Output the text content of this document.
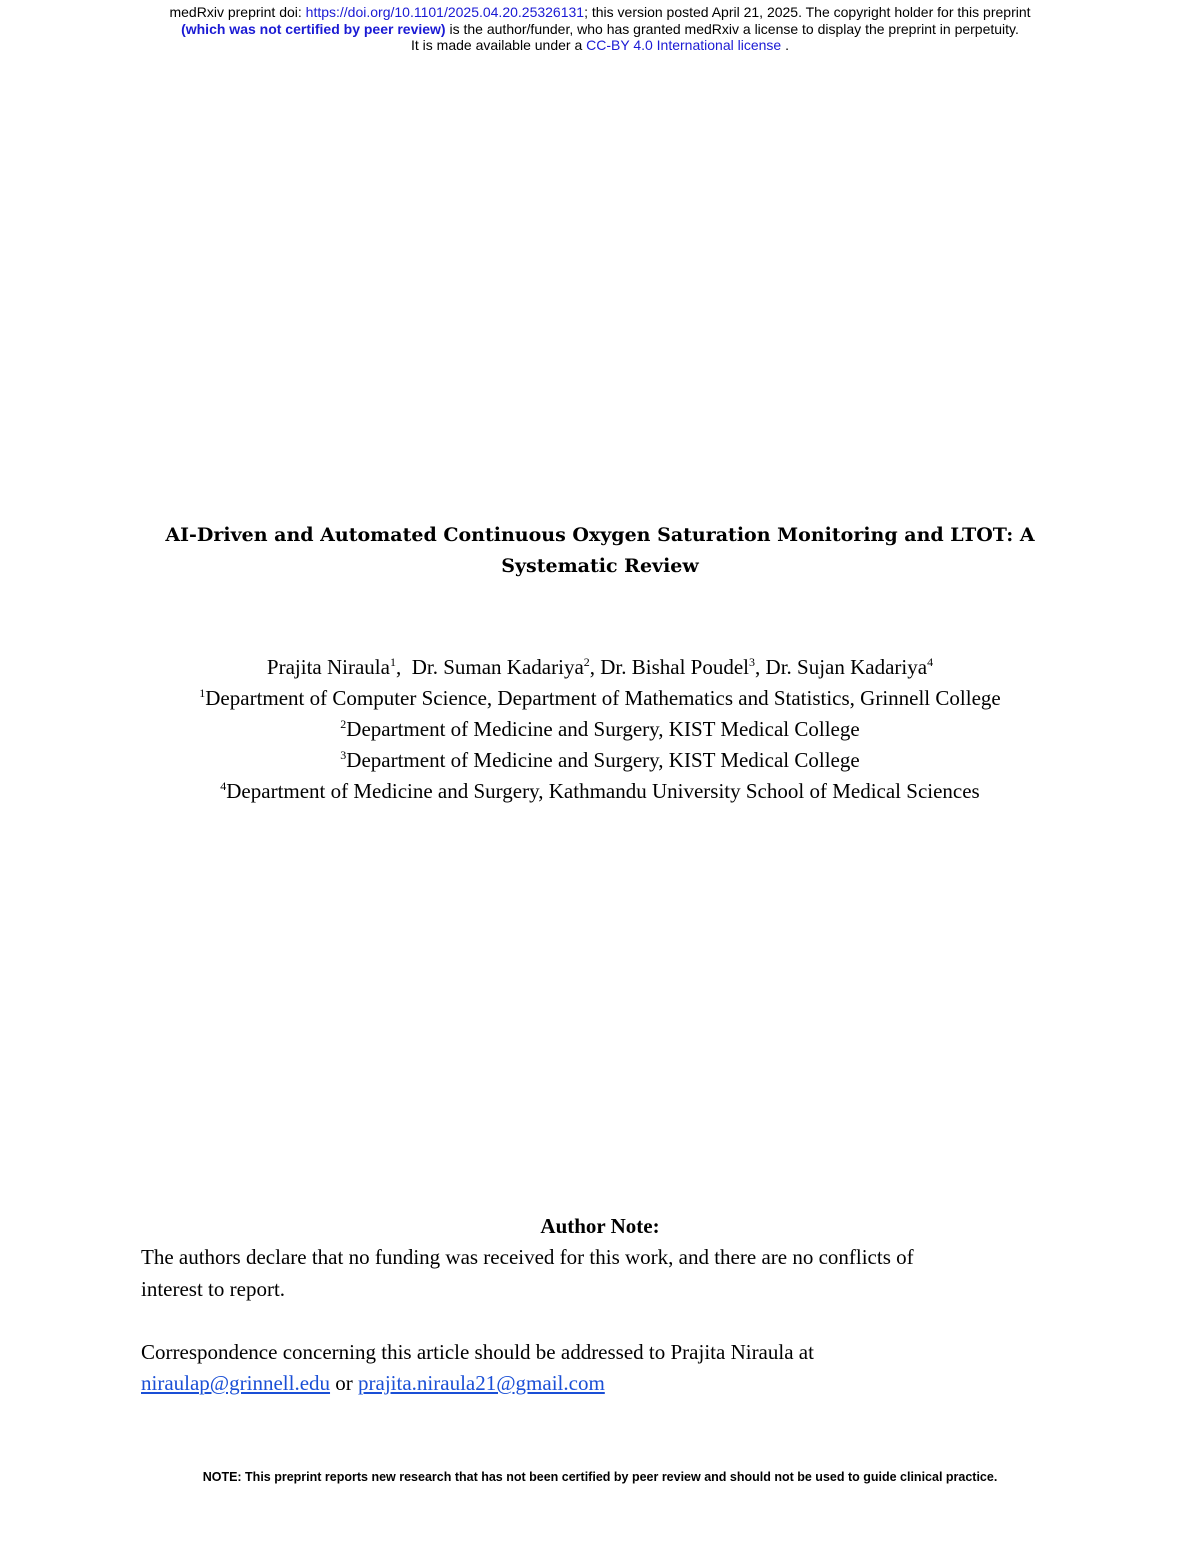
medRxiv preprint doi: https://doi.org/10.1101/2025.04.20.25326131; this version posted April 21, 2025. The copyright holder for this preprint
(which was not certified by peer review) is the author/funder, who has granted medRxiv a license to display the preprint in perpetuity.
It is made available under a CC-BY 4.0 International license .
AI-Driven and Automated Continuous Oxygen Saturation Monitoring and LTOT: A
Systematic Review
Prajita Niraula$^1$,  Dr. Suman Kadariya$^2$, Dr. Bishal Poudel$^3$, Dr. Sujan Kadariya$^4$
$^1$Department of Computer Science, Department of Mathematics and Statistics, Grinnell College
$^2$Department of Medicine and Surgery, KIST Medical College
$^3$Department of Medicine and Surgery, KIST Medical College
$^4$Department of Medicine and Surgery, Kathmandu University School of Medical Sciences
Author Note:

The authors declare that no funding was received for this work, and there are no conflicts of

interest to report.

Correspondence concerning this article should be addressed to Prajita Niraula at

niraulap@grinnell.edu or prajita.niraula21@gmail.com

NOTE: This preprint reports new research that has not been certified by peer review and should not be used to guide clinical practice.
